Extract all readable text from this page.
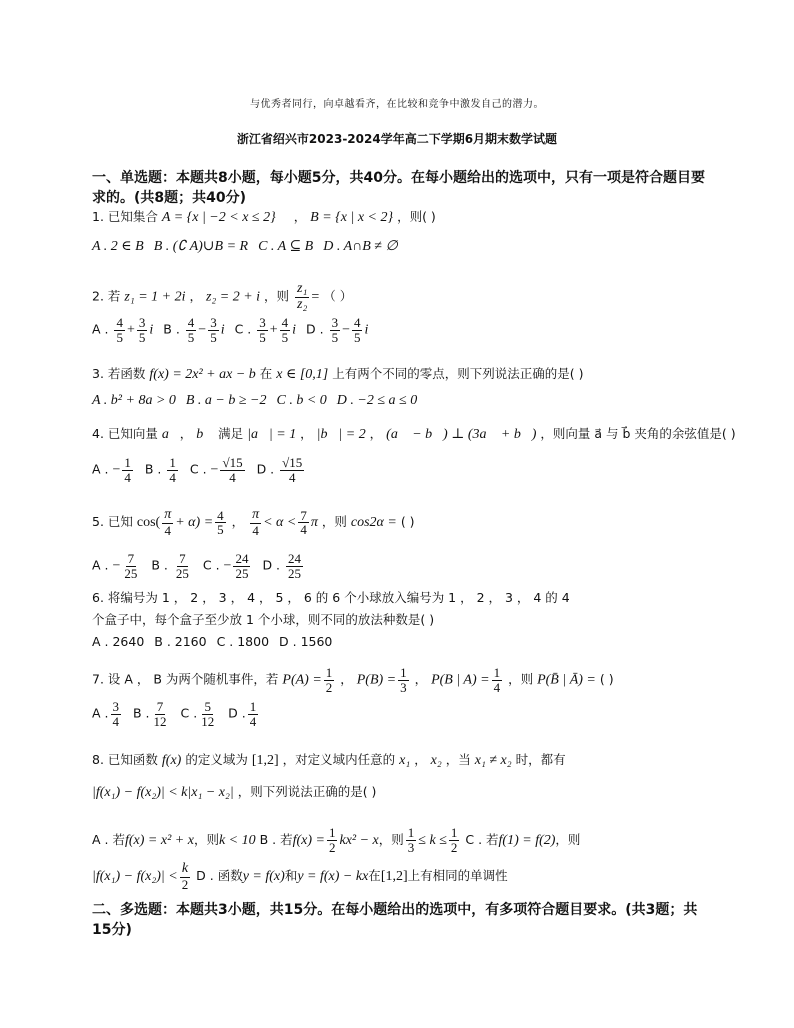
与优秀者同行，向卓越看齐，在比较和竞争中激发自己的潜力。
浙江省绍兴市2023-2024学年高二下学期6月期末数学试题
一、单选题：本题共8小题，每小题5分，共40分。在每小题给出的选项中，只有一项是符合题目要求的。(共8题；共40分)
1. 已知集合 A = {x | −2 < x ≤ 2} ， B = {x | x < 2} ，则( )
A . 2 ∈ B B . (∁ A)∪B = R C . A ⊆ B D . A∩B ≠ ∅
2. 若 z₁ = 1 + 2i ， z₂ = 2 + i ，则 $\frac{\text{z₁}}{\text{z₂}}$ = （ ）
A . $\frac{4}{5} + \frac{3}{5}$ i B . $\frac{4}{5} - \frac{3}{5}$ i C . $\frac{3}{5} + \frac{4}{5}$ i D . $\frac{3}{5} - \frac{4}{5}$ i
3. 若函数 f(x) = 2x² + ax − b 在 x ∈ [0,1] 上有两个不同的零点，则下列说法正确的是( )
A . b² + 8a > 0 B . a − b ≥ −2 C . b < 0 D . −2 ≤ a ≤ 0
4. 已知向量 a⃗， b⃗ 满足 |a⃗| = 1 ， |b⃗| = 2 ， (a⃗ − b⃗) ⊥ (3a⃗ + b⃗) ，则向量 a⃗ 与 b⃗ 夹角的余弦值是( )
A . − $\frac{1}{4}$ B . $\frac{1}{4}$ C . − $\frac{√15}{4}$ D . $\frac{√15}{4}$
5. 已知 $\cos( \frac{\pi}{4} + \alpha) = \frac{4}{5}$ ， $\frac{\pi}{4} < \alpha < \frac{7}{4}$ π ，则 cos2α = ( )
A . − $\frac{7}{25}$ B . $\frac{7}{25}$ C . − $\frac{24}{25}$ D . $\frac{24}{25}$
6. 将编号为 1 ， 2 ， 3 ， 4 ， 5 ， 6 的 6 个小球放入编号为 1 ， 2 ， 3 ， 4 的 4
个盒子中，每个盒子至少放 1 个小球，则不同的放法种数是( )
A . 2640 B . 2160 C . 1800 D . 1560
7. 设 A ， B 为两个随机事件，若 $P(A) = \frac{1}{2}$ ， $P(B) = \frac{1}{3}$ ， P(B | $A) = \frac{1}{4}$ ，则 P(B̄ | Ā) = ( )
A . $\frac{3}{4}$ B . $\frac{7}{12}$ C . $\frac{5}{12}$ D . $\frac{1}{4}$
8. 已知函数 f(x) 的定义域为 [1,2] ，对定义域内任意的 x₁ ， x₂ ，当 x₁ ≠ x₂ 时，都有
|f(x₁) − f(x₂)| < k|x₁ − x₂| ，则下列说法正确的是( )
A . 若f(x) = x² + x，则k < 10 B . 若$f(x) = \frac{1}{2} kx^2 - x$，则 $\frac{1}{3} \le k \le \frac{1}{2}$ C . 若f(1) = f(2)，则
$|f(x_1) - f(x_2)| < \frac{k}{2}$ D . 函数y = f(x)和y = f(x) − kx在[1,2]上有相同的单调性
二、多选题：本题共3小题，共15分。在每小题给出的选项中，有多项符合题目要求。(共3题；共15分)
